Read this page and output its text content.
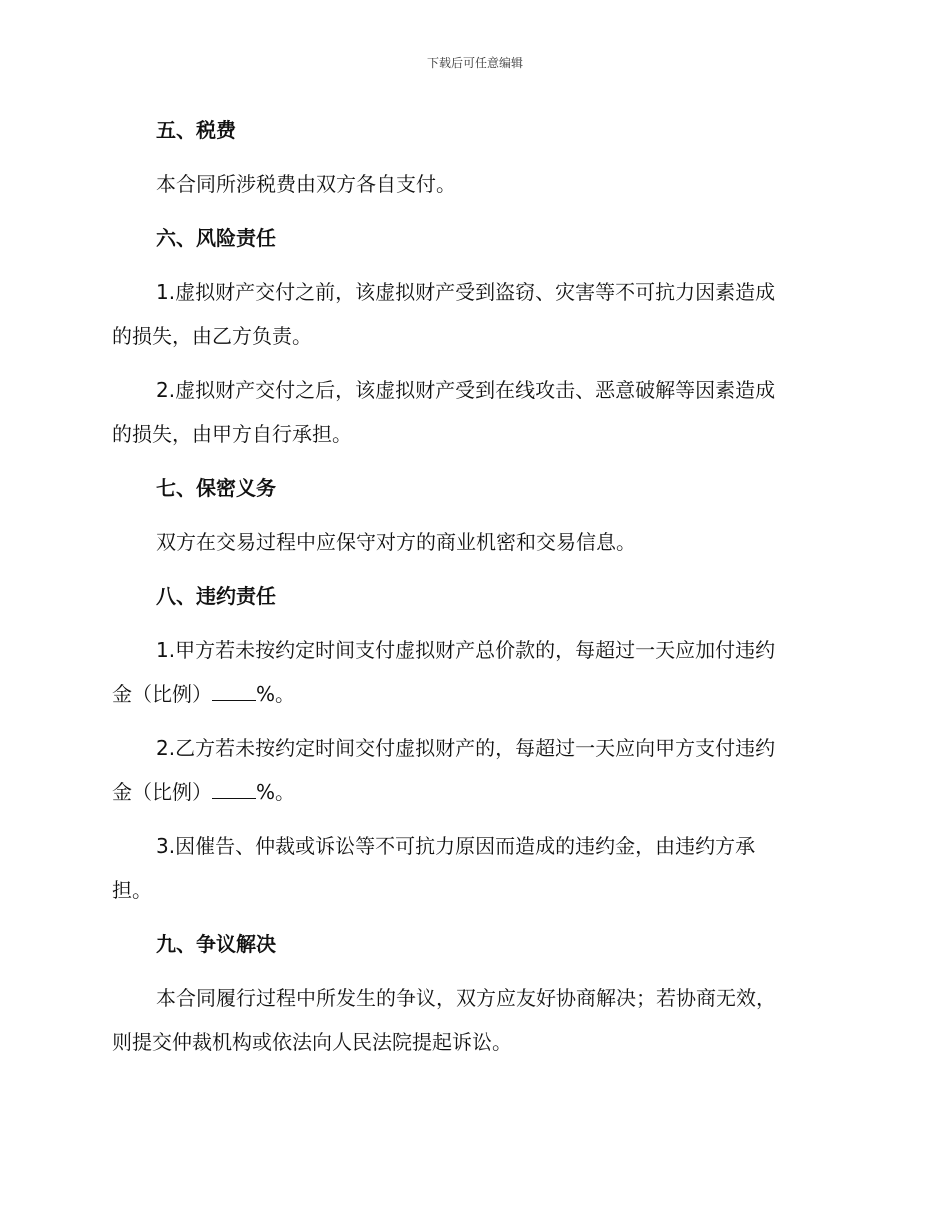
下载后可任意编辑
五、税费
本合同所涉税费由双方各自支付。
六、风险责任
1.虚拟财产交付之前，该虚拟财产受到盗窃、灾害等不可抗力因素造成
的损失，由乙方负责。
2.虚拟财产交付之后，该虚拟财产受到在线攻击、恶意破解等因素造成
的损失，由甲方自行承担。
七、保密义务
双方在交易过程中应保守对方的商业机密和交易信息。
八、违约责任
1.甲方若未按约定时间支付虚拟财产总价款的，每超过一天应加付违约
金（比例） %。
2.乙方若未按约定时间交付虚拟财产的，每超过一天应向甲方支付违约
金（比例） %。
3.因催告、仲裁或诉讼等不可抗力原因而造成的违约金，由违约方承
担。
九、争议解决
本合同履行过程中所发生的争议，双方应友好协商解决；若协商无效，
则提交仲裁机构或依法向人民法院提起诉讼。
